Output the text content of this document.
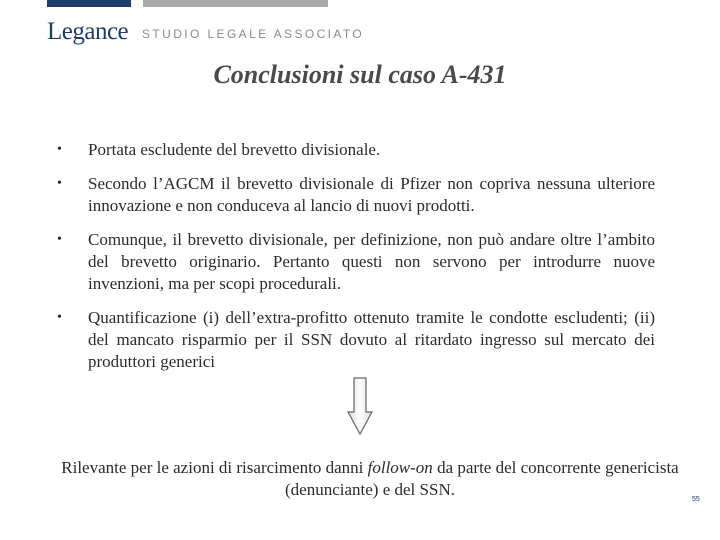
Legance STUDIO LEGALE ASSOCIATO
Conclusioni sul caso A-431
• Portata escludente del brevetto divisionale.
• Secondo l’AGCM il brevetto divisionale di Pfizer non copriva nessuna ulteriore innovazione e non conduceva al lancio di nuovi prodotti.
• Comunque, il brevetto divisionale, per definizione, non può andare oltre l’ambito del brevetto originario. Pertanto questi non servono per introdurre nuove invenzioni, ma per scopi procedurali.
• Quantificazione (i) dell’extra-profitto ottenuto tramite le condotte escludenti; (ii) del mancato risparmio per il SSN dovuto al ritardato ingresso sul mercato dei produttori generici
Rilevante per le azioni di risarcimento danni follow-on da parte del concorrente genericista (denunciante) e del SSN.
55
